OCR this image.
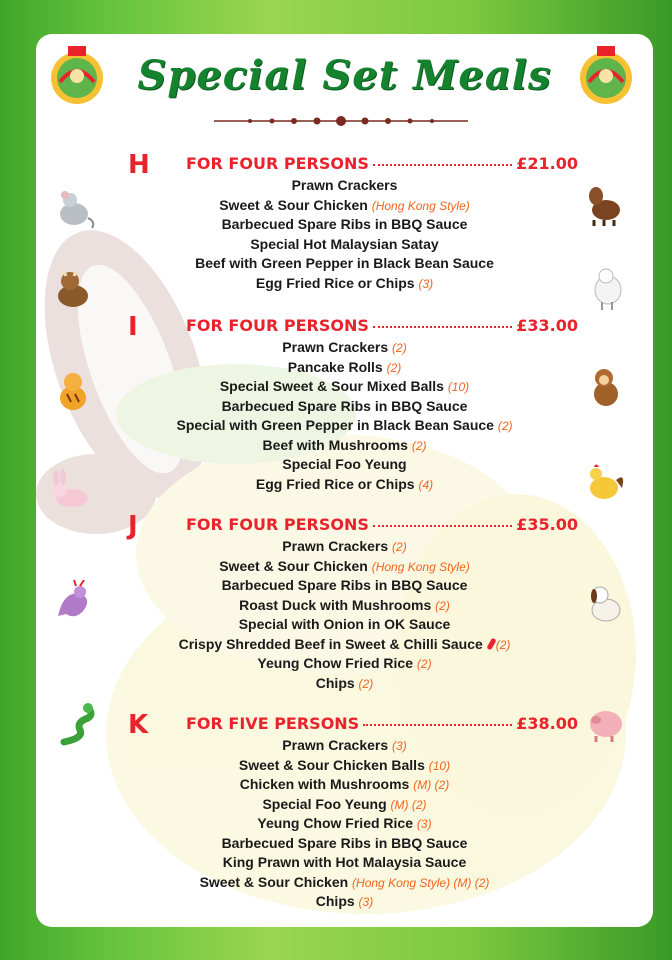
Special Set Meals
H FOR FOUR PERSONS	£21.00
Prawn Crackers
Sweet & Sour Chicken (Hong Kong Style)
Barbecued Spare Ribs in BBQ Sauce
Special Hot Malaysian Satay
Beef with Green Pepper in Black Bean Sauce
Egg Fried Rice or Chips (3)
I	FOR FOUR PERSONS	£33.00
Prawn Crackers (2)
Pancake Rolls (2)
Special Sweet & Sour Mixed Balls (10)
Barbecued Spare Ribs in BBQ Sauce
Special with Green Pepper in Black Bean Sauce (2)
Beef with Mushrooms (2)
Special Foo Yeung
Egg Fried Rice or Chips (4)
J	FOR FOUR PERSONS	£35.00
Prawn Crackers (2)
Sweet & Sour Chicken (Hong Kong Style)
Barbecued Spare Ribs in BBQ Sauce
Roast Duck with Mushrooms (2)
Special with Onion in OK Sauce
Crispy Shredded Beef in Sweet & Chilli Sauce (2)
Yeung Chow Fried Rice (2)
Chips (2)
K FOR FIVE PERSONS	£38.00
Prawn Crackers (3)
Sweet & Sour Chicken Balls (10)
Chicken with Mushrooms (M) (2)
Special Foo Yeung (M) (2)
Yeung Chow Fried Rice (3)
Barbecued Spare Ribs in BBQ Sauce
King Prawn with Hot Malaysia Sauce
Sweet & Sour Chicken (Hong Kong Style) (M) (2)
Chips (3)
